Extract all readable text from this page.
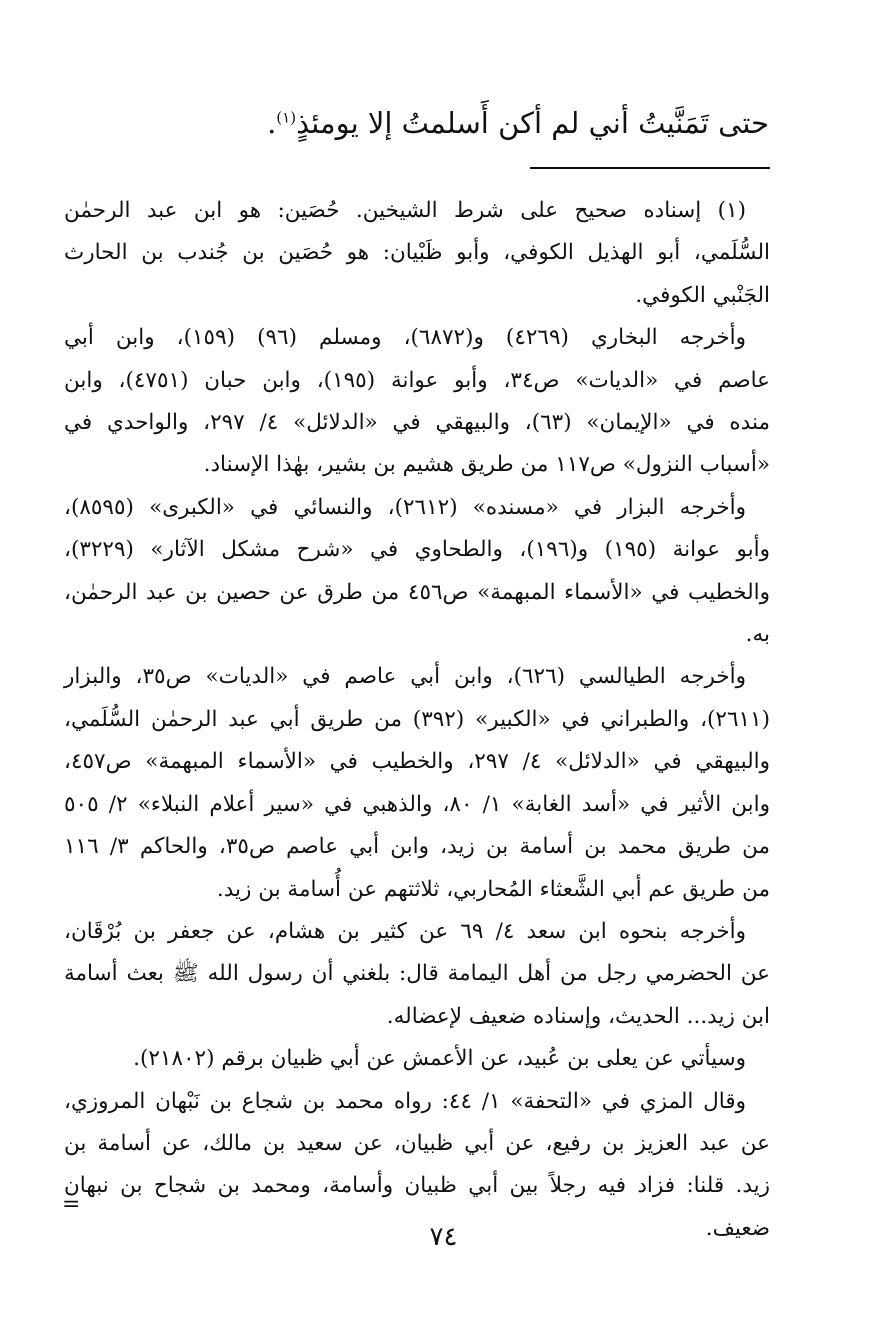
حتى تَمَنَّيتُ أني لم أكن أَسلمتُ إلا يومئذٍ$^{(١)}$.

(١) إسناده صحيح على شرط الشيخين. حُصَين: هو ابن عبد الرحمٰن
السُّلَمي، أبو الهذيل الكوفي، وأبو ظَبْيان: هو حُصَين بن جُندب بن الحارث
الجَنْبي الكوفي.

وأخرجه البخاري (٤٢٦٩) و(٦٨٧٢)، ومسلم (٩٦) (١٥٩)، وابن أبي
عاصم في «الديات» ص٣٤، وأبو عوانة (١٩٥)، وابن حبان (٤٧٥١)، وابن
منده في «الإيمان» (٦٣)، والبيهقي في «الدلائل» ٤/ ٢٩٧، والواحدي في
«أسباب النزول» ص١١٧ من طريق هشيم بن بشير، بهٰذا الإسناد.

وأخرجه البزار في «مسنده» (٢٦١٢)، والنسائي في «الكبرى» (٨٥٩٥)،
وأبو عوانة (١٩٥) و(١٩٦)، والطحاوي في «شرح مشكل الآثار» (٣٢٢٩)،
والخطيب في «الأسماء المبهمة» ص٤٥٦ من طرق عن حصين بن عبد الرحمٰن،
به.

وأخرجه الطيالسي (٦٢٦)، وابن أبي عاصم في «الديات» ص٣٥، والبزار
(٢٦١١)، والطبراني في «الكبير» (٣٩٢) من طريق أبي عبد الرحمٰن السُّلَمي،
والبيهقي في «الدلائل» ٤/ ٢٩٧، والخطيب في «الأسماء المبهمة» ص٤٥٧،
وابن الأثير في «أسد الغابة» ١/ ٨٠، والذهبي في «سير أعلام النبلاء» ٢/ ٥٠٥
من طريق محمد بن أسامة بن زيد، وابن أبي عاصم ص٣٥، والحاكم ٣/ ١١٦
من طريق عم أبي الشَّعثاء المُحاربي، ثلاثتهم عن أُسامة بن زيد.

وأخرجه بنحوه ابن سعد ٤/ ٦٩ عن كثير بن هشام، عن جعفر بن بُرْقَان،
عن الحضرمي رجل من أهل اليمامة قال: بلغني أن رسول الله ﷺ بعث أسامة
ابن زيد... الحديث، وإسناده ضعيف لإعضاله.

وسيأتي عن يعلى بن عُبيد، عن الأعمش عن أبي ظبيان برقم (٢١٨٠٢).

وقال المزي في «التحفة» ١/ ٤٤: رواه محمد بن شجاع بن نَبْهان المروزي،
عن عبد العزيز بن رفيع، عن أبي ظبيان، عن سعيد بن مالك، عن أسامة بن
زيد. قلنا: فزاد فيه رجلاً بين أبي ظبيان وأسامة، ومحمد بن شجاح بن نبهان
ضعيف.

=
٧٤
